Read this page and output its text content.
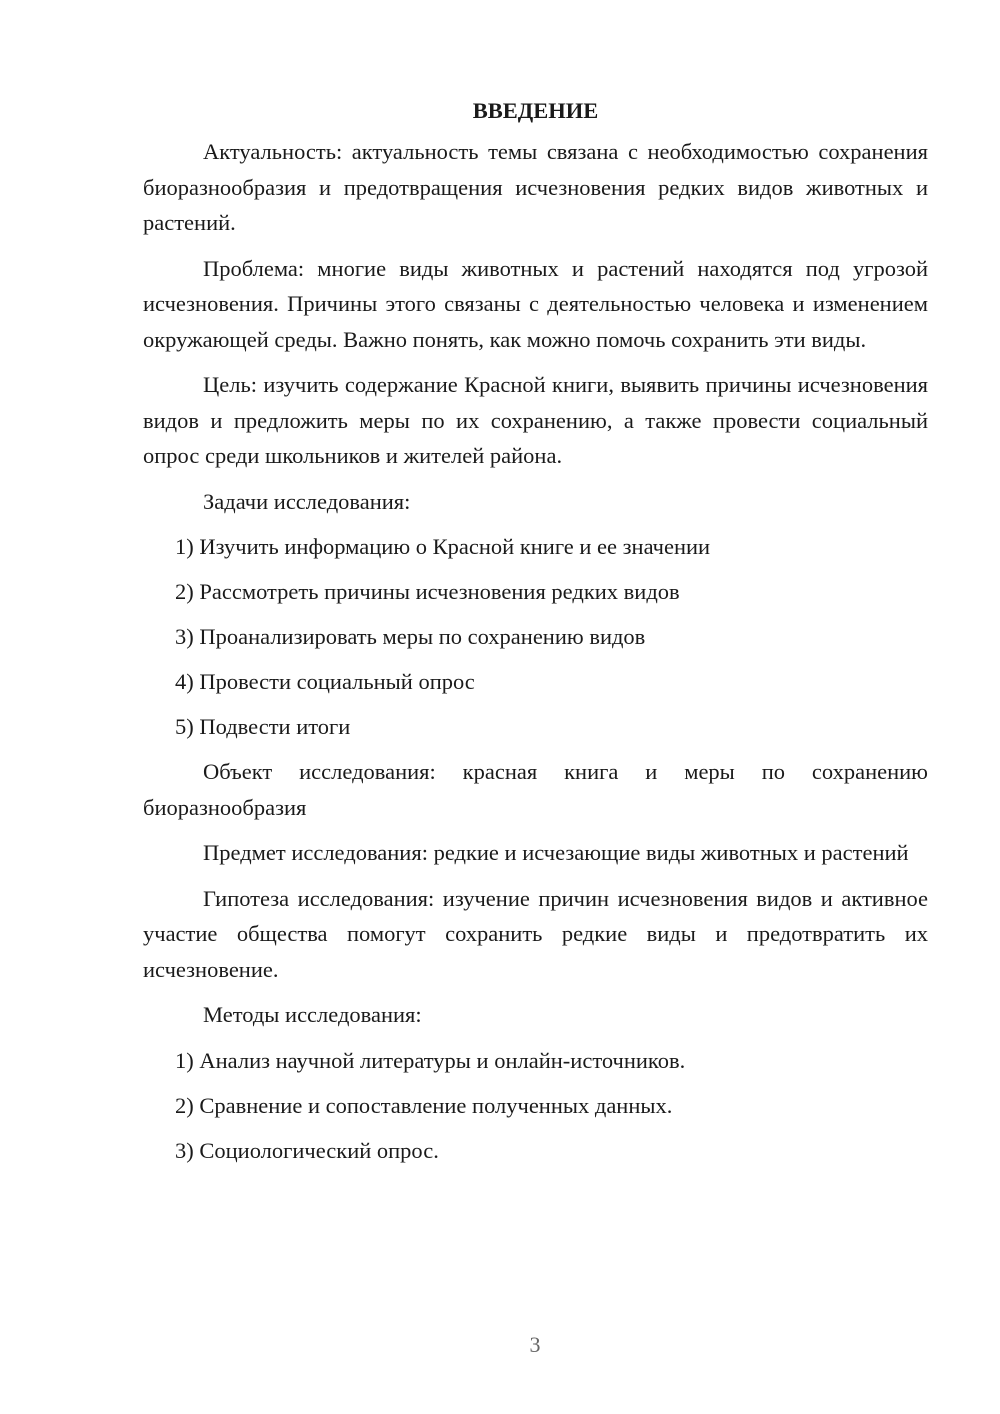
ВВЕДЕНИЕ

Актуальность: актуальность темы связана с необходимостью сохранения биоразнообразия и предотвращения исчезновения редких видов животных и растений.

Проблема: многие виды животных и растений находятся под угрозой исчезновения. Причины этого связаны с деятельностью человека и изменением окружающей среды. Важно понять, как можно помочь сохранить эти виды.

Цель: изучить содержание Красной книги, выявить причины исчезновения видов и предложить меры по их сохранению, а также провести социальный опрос среди школьников и жителей района.

Задачи исследования:

1) Изучить информацию о Красной книге и ее значении

2) Рассмотреть причины исчезновения редких видов

3) Проанализировать меры по сохранению видов

4) Провести социальный опрос

5) Подвести итоги

Объект исследования: красная книга и меры по сохранению биоразнообразия

Предмет исследования: редкие и исчезающие виды животных и растений

Гипотеза исследования: изучение причин исчезновения видов и активное участие общества помогут сохранить редкие виды и предотвратить их исчезновение.

Методы исследования:

1) Анализ научной литературы и онлайн-источников.

2) Сравнение и сопоставление полученных данных.

3) Социологический опрос.

3
